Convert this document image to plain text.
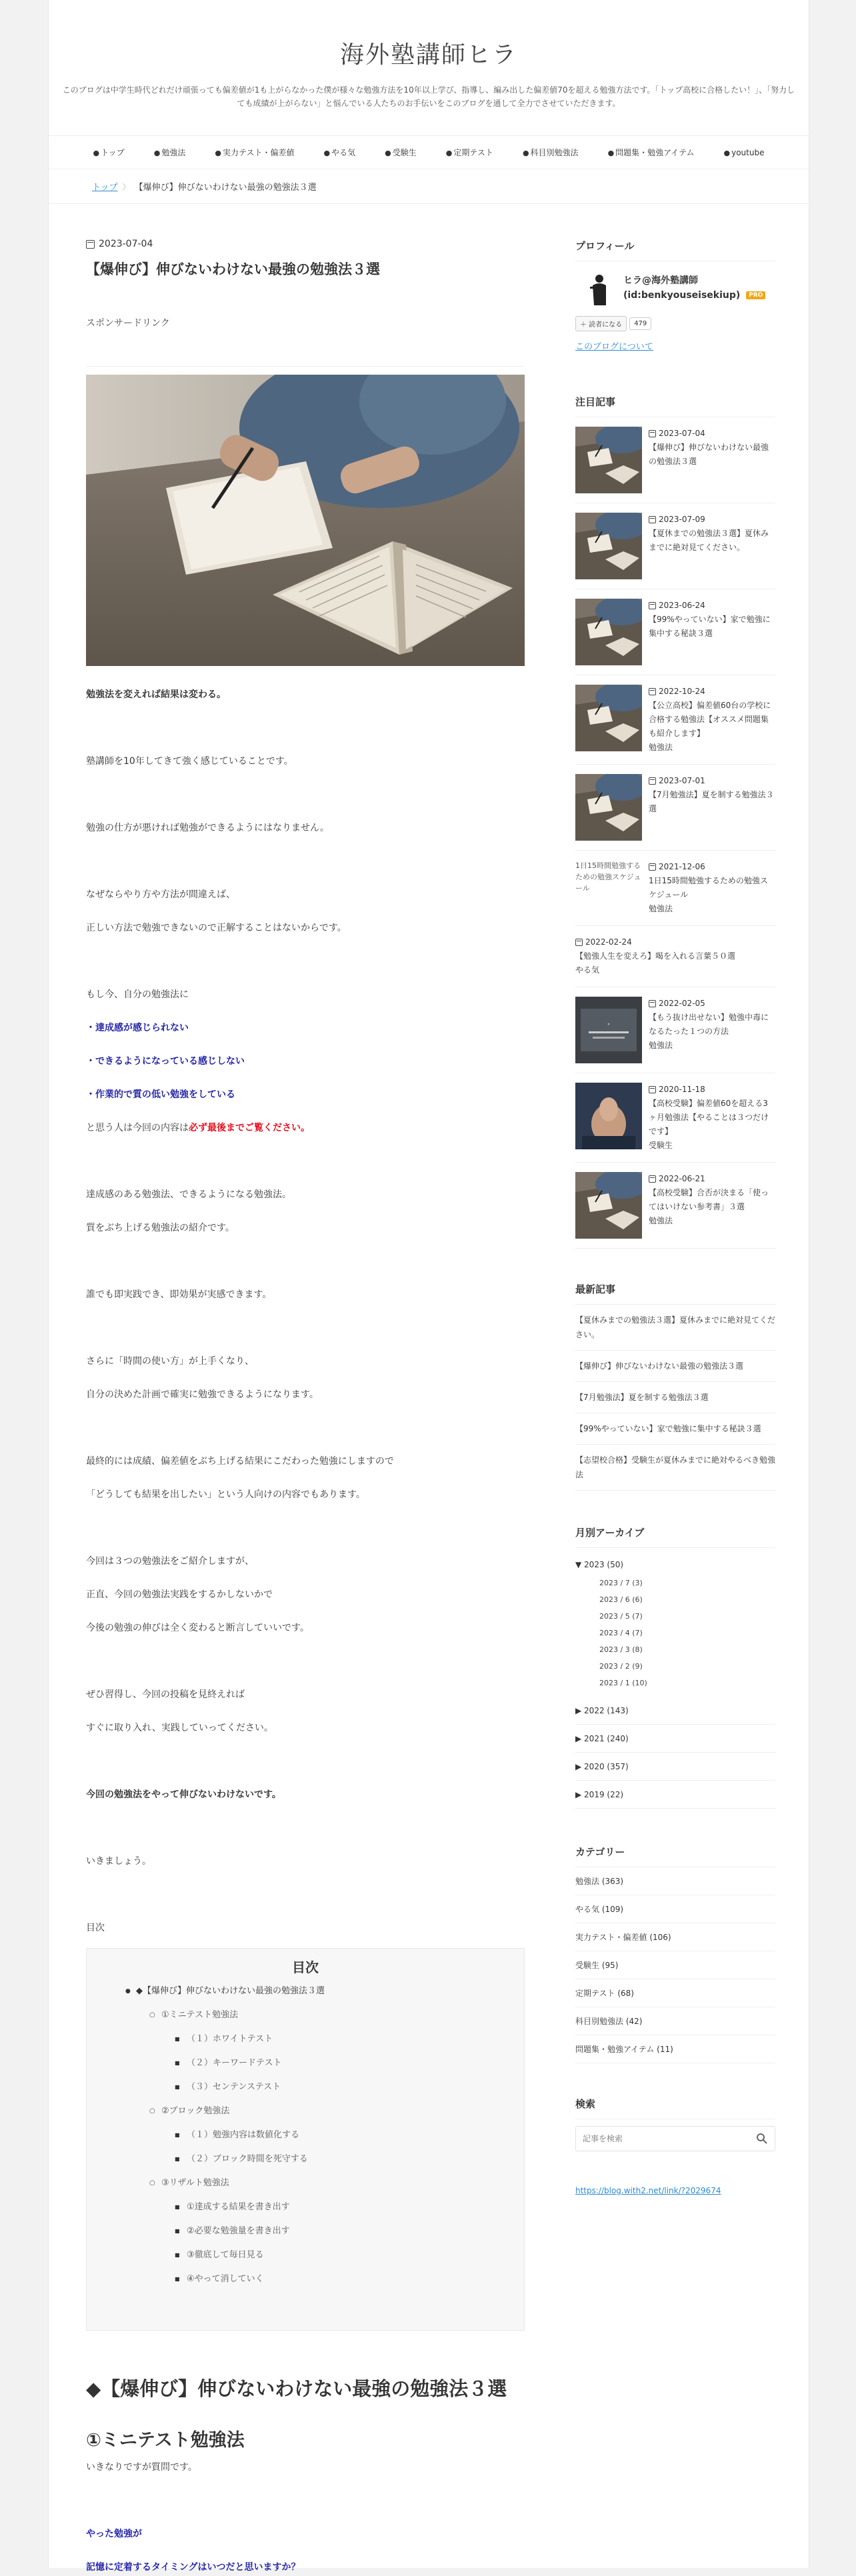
海外塾講師ヒラ
このブログは中学生時代どれだけ頑張っても偏差値が1も上がらなかった僕が様々な勉強方法を10年以上学び、指導し、編み出した偏差値70を超える勉強方法です。「トップ高校に合格したい！」、「努力しても成績が上がらない」と悩んでいる人たちのお手伝いをこのブログを通して全力でさせていただきます。
● トップ	● 勉強法	● 実力テスト・偏差値	● やる気	● 受験生	● 定期テスト	● 科目別勉強法	● 問題集・勉強アイテム	● youtube
トップ 〉 【爆伸び】伸びないわけない最強の勉強法３選
2023-07-04
【爆伸び】伸びないわけない最強の勉強法３選
スポンサードリンク
勉強法を変えれば結果は変わる。
塾講師を10年してきて強く感じていることです。
勉強の仕方が悪ければ勉強ができるようにはなりません。
なぜならやり方や方法が間違えば、
正しい方法で勉強できないので正解することはないからです。
もし今、自分の勉強法に
・達成感が感じられない
・できるようになっている感じしない
・作業的で質の低い勉強をしている
と思う人は今回の内容は必ず最後までご覧ください。
達成感のある勉強法、できるようになる勉強法。
質をぶち上げる勉強法の紹介です。
誰でも即実践でき、即効果が実感できます。
さらに「時間の使い方」が上手くなり、
自分の決めた計画で確実に勉強できるようになります。
最終的には成績、偏差値をぶち上げる結果にこだわった勉強にしますので
「どうしても結果を出したい」という人向けの内容でもあります。
今回は３つの勉強法をご紹介しますが、
正直、今回の勉強法実践をするかしないかで
今後の勉強の伸びは全く変わると断言していいです。
ぜひ習得し、今回の投稿を見終えれば
すぐに取り入れ、実践していってください。
今回の勉強法をやって伸びないわけないです。
いきましょう。
目次
目次
● ◆【爆伸び】伸びないわけない最強の勉強法３選
○ ①ミニテスト勉強法
■ （１）ホワイトテスト
■ （２）キーワードテスト
■ （３）センテンステスト
○ ②ブロック勉強法
■ （１）勉強内容は数値化する
■ （２）ブロック時間を死守する
○ ③リザルト勉強法
■ ①達成する結果を書き出す
■ ②必要な勉強量を書き出す
■ ③徹底して毎日見る
■ ④やって消していく
◆【爆伸び】伸びないわけない最強の勉強法３選
①ミニテスト勉強法
いきなりですが質問です。
やった勉強が
記憶に定着するタイミングはいつだと思いますか？
プロフィール
ヒラ@海外塾講師
(id:benkyouseisekiup) PRO
＋ 読者になる	479
このブログについて
注目記事
2023-07-04
【爆伸び】伸びないわけない最強の勉強法３選
2023-07-09
【夏休までの勉強法３選】夏休みまでに絶対見てください。
2023-06-24
【99%やっていない】家で勉強に集中する秘訣３選
2022-10-24
【公立高校】偏差値60台の学校に合格する勉強法【オススメ問題集も紹介します】
勉強法
2023-07-01
【7月勉強法】夏を制する勉強法３選
1日15時間勉強するための勉強スケジュール
2021-12-06
1日15時間勉強するための勉強スケジュール
勉強法
2022-02-24
【勉強人生を変えろ】喝を入れる言葉５０選
やる気
"
2022-02-05
【もう抜け出せない】勉強中毒になるたった１つの方法
勉強法
2020-11-18
【高校受験】偏差値60を超える3ヶ月勉強法【やることは３つだけです】
受験生
2022-06-21
【高校受験】合否が決まる「使ってはいけない参考書」３選
勉強法
最新記事
【夏休みまでの勉強法３選】夏休みまでに絶対見てください。
【爆伸び】伸びないわけない最強の勉強法３選
【7月勉強法】夏を制する勉強法３選
【99%やっていない】家で勉強に集中する秘訣３選
【志望校合格】受験生が夏休みまでに絶対やるべき勉強法
月別アーカイブ
▼ 2023 (50)
2023 / 7 (3)
2023 / 6 (6)
2023 / 5 (7)
2023 / 4 (7)
2023 / 3 (8)
2023 / 2 (9)
2023 / 1 (10)
▶ 2022 (143)
▶ 2021 (240)
▶ 2020 (357)
▶ 2019 (22)
カテゴリー
勉強法 (363)
やる気 (109)
実力テスト・偏差値 (106)
受験生 (95)
定期テスト (68)
科目別勉強法 (42)
問題集・勉強アイテム (11)
検索
記事を検索
https://blog.with2.net/link/?2029674
